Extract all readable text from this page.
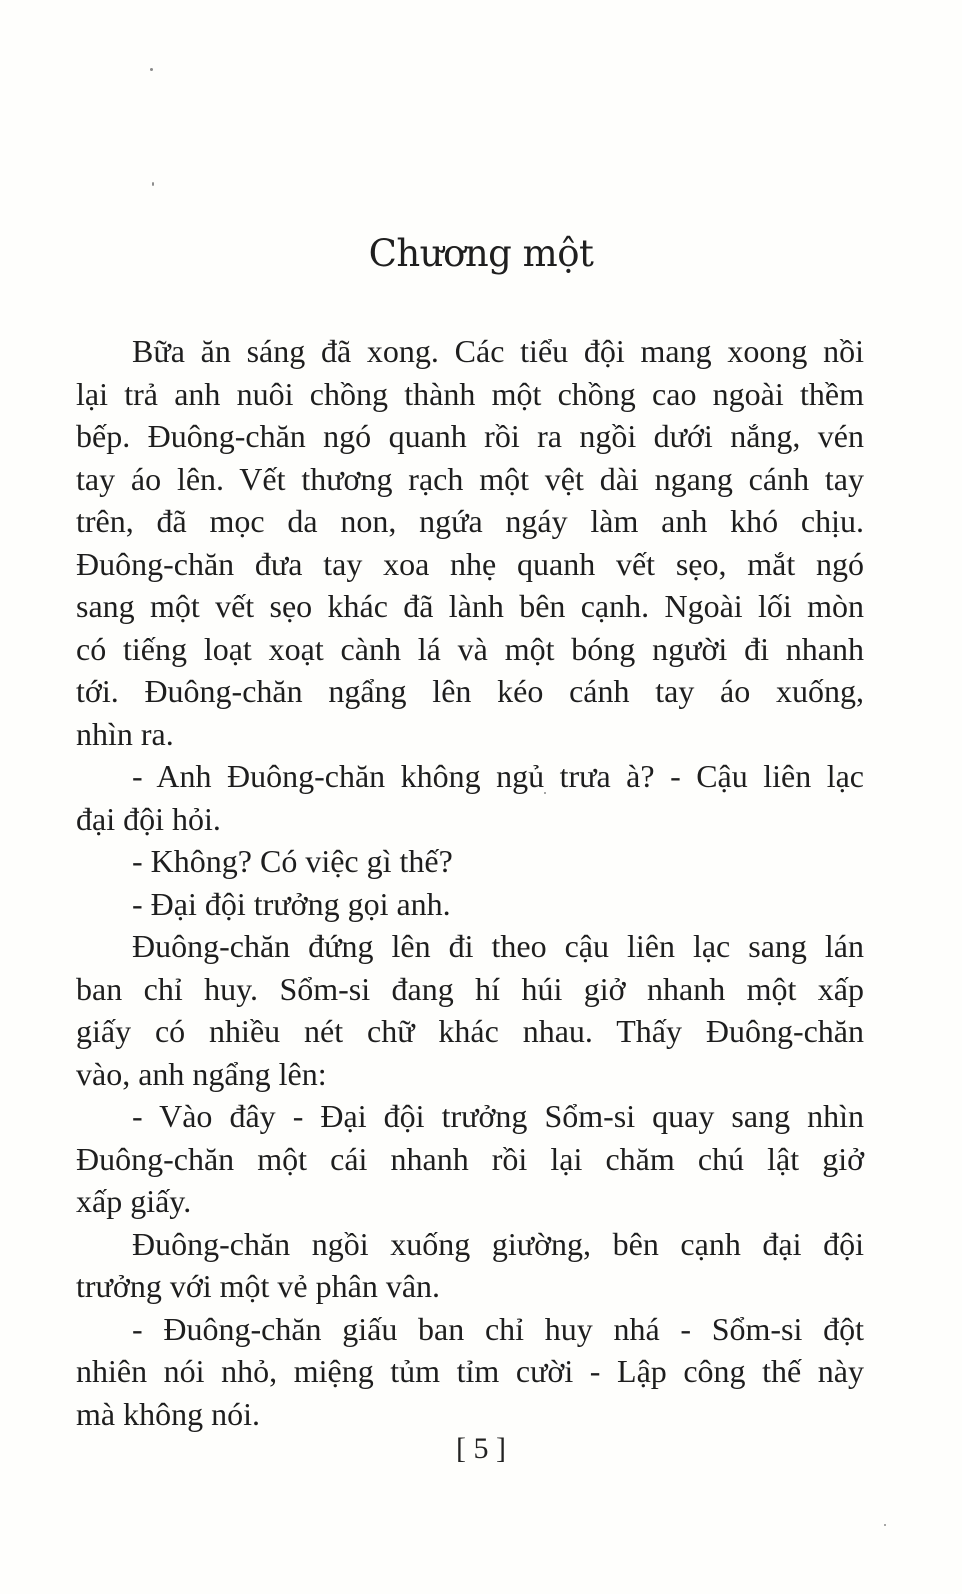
Chương một
Bữa ăn sáng đã xong. Các tiểu đội mang xoong nồi
lại trả anh nuôi chồng thành một chồng cao ngoài thềm
bếp. Đuông-chăn ngó quanh rồi ra ngồi dưới nắng, vén
tay áo lên. Vết thương rạch một vệt dài ngang cánh tay
trên, đã mọc da non, ngứa ngáy làm anh khó chịu.
Đuông-chăn đưa tay xoa nhẹ quanh vết sẹo, mắt ngó
sang một vết sẹo khác đã lành bên cạnh. Ngoài lối mòn
có tiếng loạt xoạt cành lá và một bóng người đi nhanh
tới. Đuông-chăn ngẩng lên kéo cánh tay áo xuống,
nhìn ra.
- Anh Đuông-chăn không ngủ trưa à? - Cậu liên lạc
đại đội hỏi.
- Không? Có việc gì thế?
- Đại đội trưởng gọi anh.
Đuông-chăn đứng lên đi theo cậu liên lạc sang lán
ban chỉ huy. Sổm-si đang hí húi giở nhanh một xấp
giấy có nhiều nét chữ khác nhau. Thấy Đuông-chăn
vào, anh ngẩng lên:
- Vào đây - Đại đội trưởng Sổm-si quay sang nhìn
Đuông-chăn một cái nhanh rồi lại chăm chú lật giở
xấp giấy.
Đuông-chăn ngồi xuống giường, bên cạnh đại đội
trưởng với một vẻ phân vân.
- Đuông-chăn giấu ban chỉ huy nhá - Sổm-si đột
nhiên nói nhỏ, miệng tủm tỉm cười - Lập công thế này
mà không nói.
[ 5 ]
